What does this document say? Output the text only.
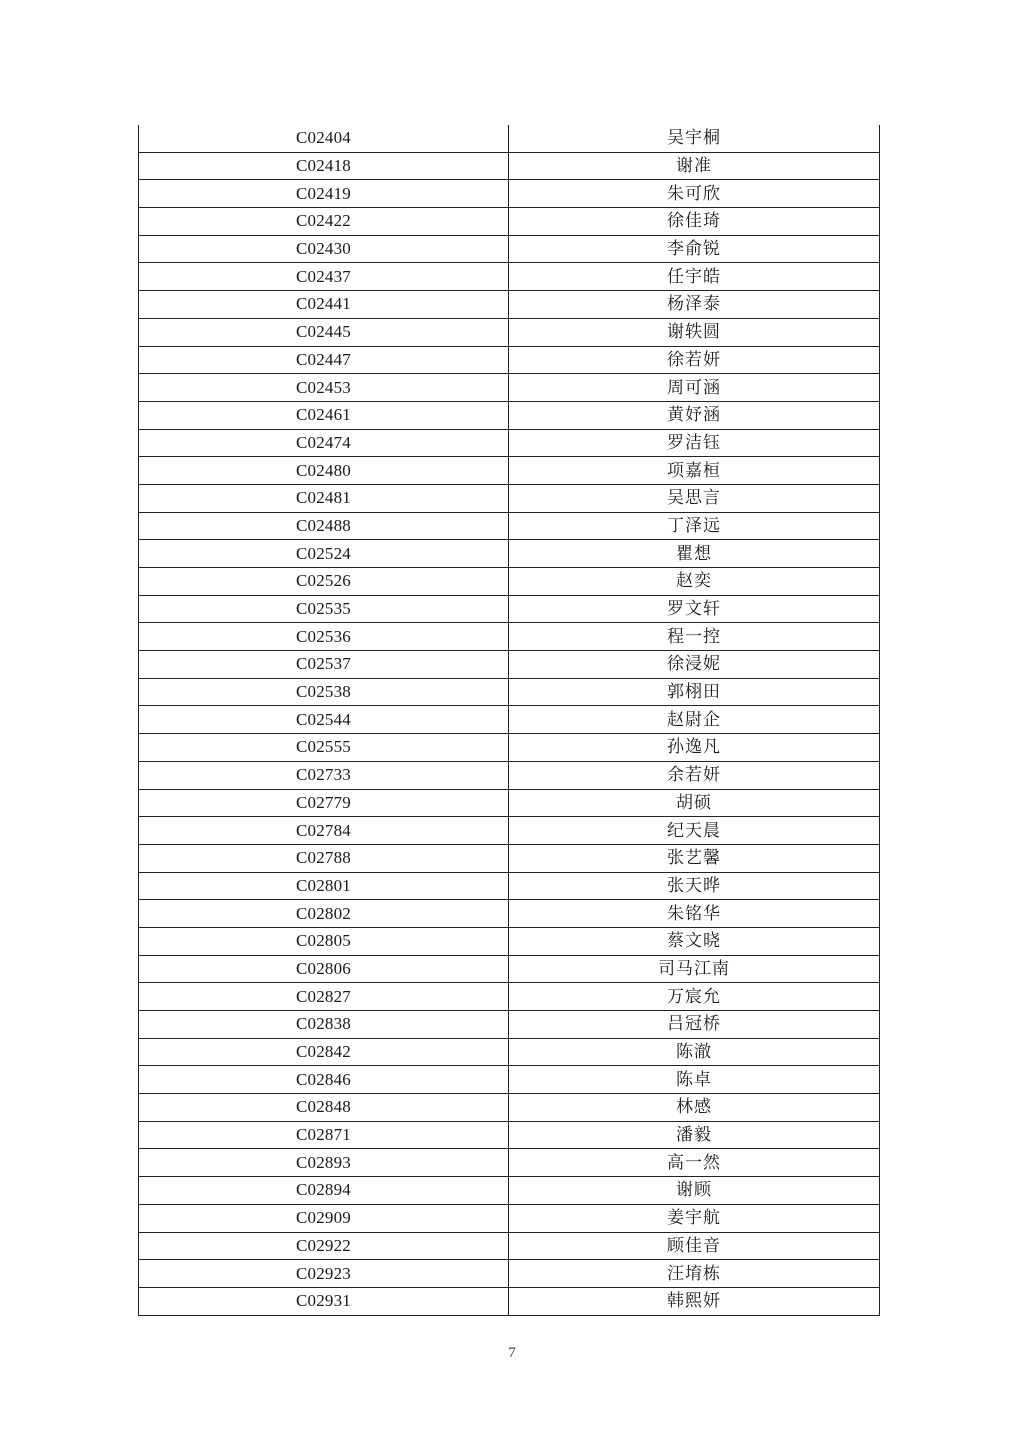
C02404	吴宇桐
C02418	谢准
C02419	朱可欣
C02422	徐佳琦
C02430	李俞锐
C02437	任宇皓
C02441	杨泽泰
C02445	谢轶圆
C02447	徐若妍
C02453	周可涵
C02461	黄妤涵
C02474	罗洁钰
C02480	项嘉桓
C02481	吴思言
C02488	丁泽远
C02524	瞿想
C02526	赵奕
C02535	罗文轩
C02536	程一控
C02537	徐浸妮
C02538	郭栩田
C02544	赵尉企
C02555	孙逸凡
C02733	余若妍
C02779	胡硕
C02784	纪天晨
C02788	张艺馨
C02801	张天晔
C02802	朱铭华
C02805	蔡文晓
C02806	司马江南
C02827	万宸允
C02838	吕冠桥
C02842	陈澈
C02846	陈卓
C02848	林感
C02871	潘毅
C02893	高一然
C02894	谢顾
C02909	姜宇航
C02922	顾佳音
C02923	汪堉栋
C02931	韩熙妍
7
